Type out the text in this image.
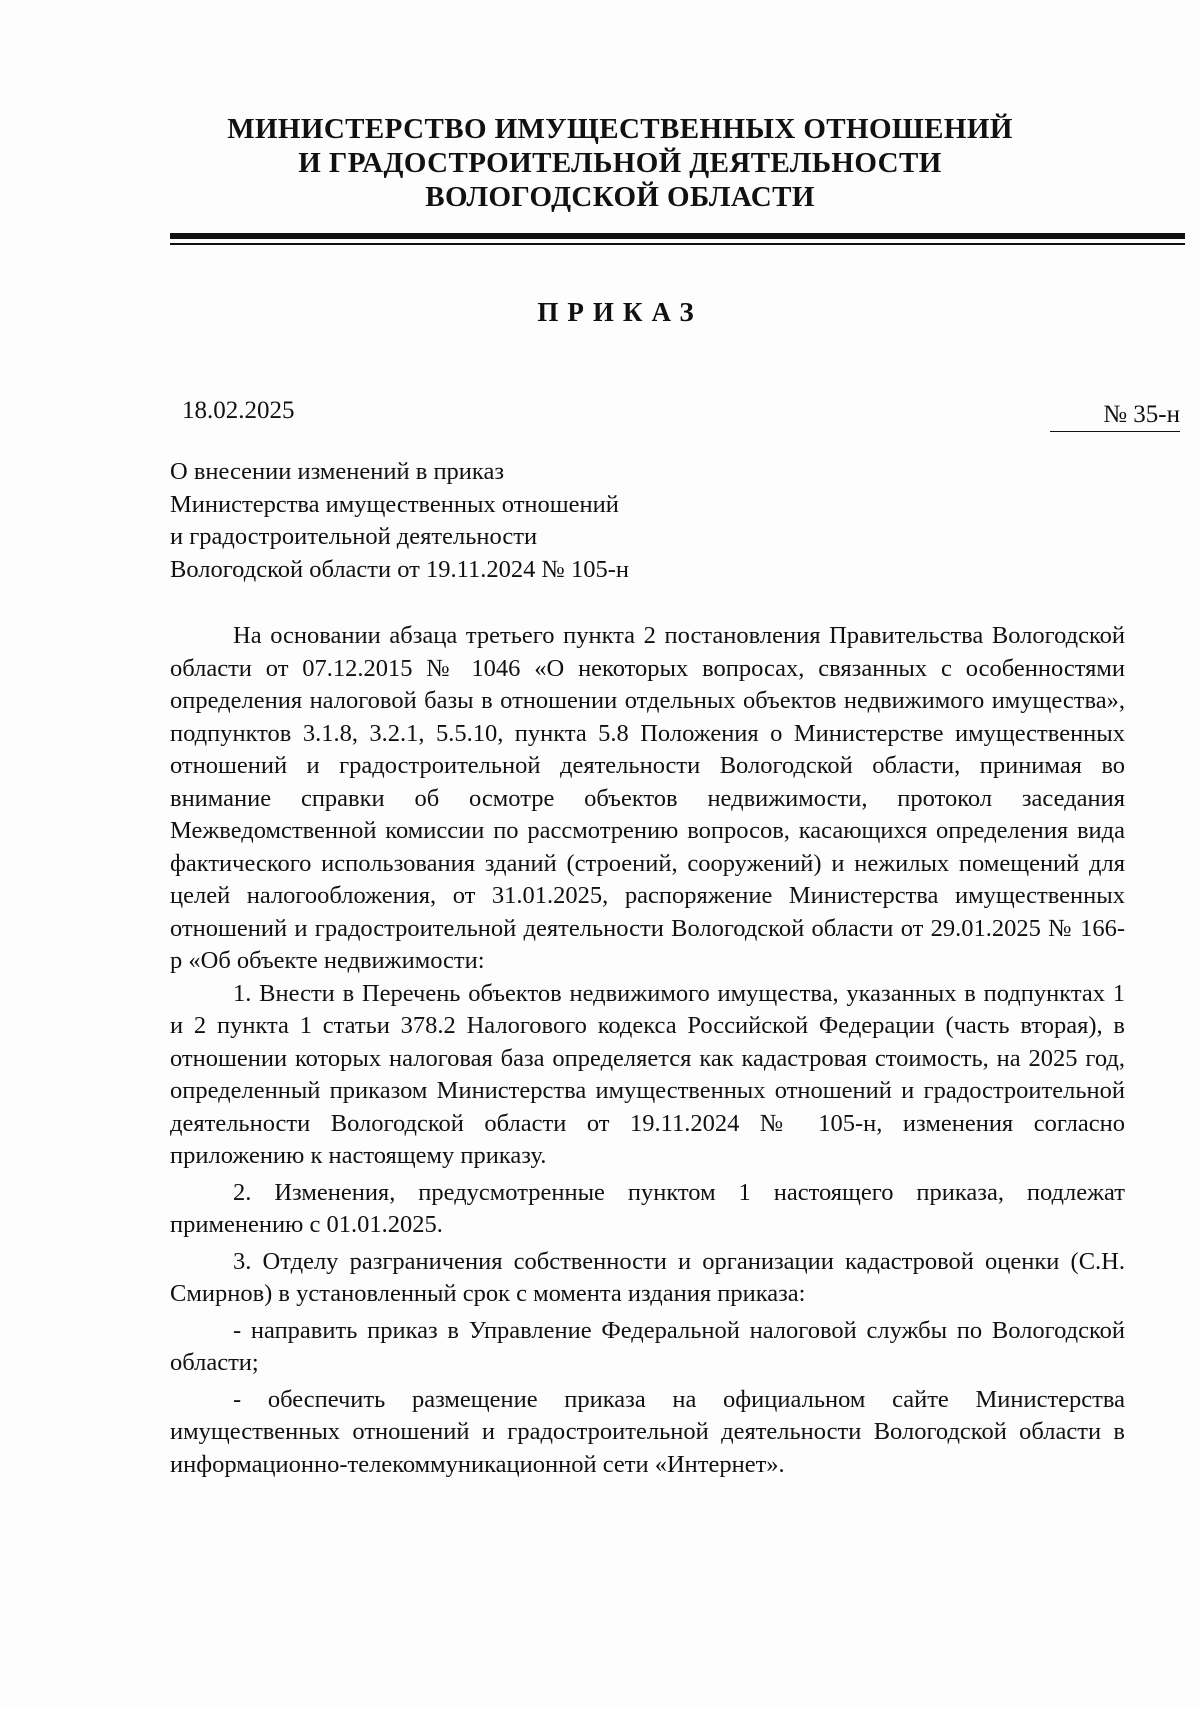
МИНИСТЕРСТВО ИМУЩЕСТВЕННЫХ ОТНОШЕНИЙ
И ГРАДОСТРОИТЕЛЬНОЙ ДЕЯТЕЛЬНОСТИ
ВОЛОГОДСКОЙ ОБЛАСТИ
ПРИКАЗ
18.02.2025	№ 35-н
О внесении изменений в приказ
Министерства имущественных отношений
и градостроительной деятельности
Вологодской области от 19.11.2024 № 105-н

На основании абзаца третьего пункта 2 постановления Правительства Вологодской области от 07.12.2015 № 1046 «О некоторых вопросах, связанных с особенностями определения налоговой базы в отношении отдельных объектов недвижимого имущества», подпунктов 3.1.8, 3.2.1, 5.5.10, пункта 5.8 Положения о Министерстве имущественных отношений и градостроительной деятельности Вологодской области, принимая во внимание справки об осмотре объектов недвижимости, протокол заседания Межведомственной комиссии по рассмотрению вопросов, касающихся определения вида фактического использования зданий (строений, сооружений) и нежилых помещений для целей налогообложения, от 31.01.2025, распоряжение Министерства имущественных отношений и градостроительной деятельности Вологодской области от 29.01.2025 № 166-р «Об объекте недвижимости:

1. Внести в Перечень объектов недвижимого имущества, указанных в подпунктах 1 и 2 пункта 1 статьи 378.2 Налогового кодекса Российской Федерации (часть вторая), в отношении которых налоговая база определяется как кадастровая стоимость, на 2025 год, определенный приказом Министерства имущественных отношений и градостроительной деятельности Вологодской области от 19.11.2024 № 105-н, изменения согласно приложению к настоящему приказу.

2. Изменения, предусмотренные пунктом 1 настоящего приказа, подлежат применению с 01.01.2025.

3. Отделу разграничения собственности и организации кадастровой оценки (С.Н. Смирнов) в установленный срок с момента издания приказа:

- направить приказ в Управление Федеральной налоговой службы по Вологодской области;

- обеспечить размещение приказа на официальном сайте Министерства имущественных отношений и градостроительной деятельности Вологодской области в информационно-телекоммуникационной сети «Интернет».
